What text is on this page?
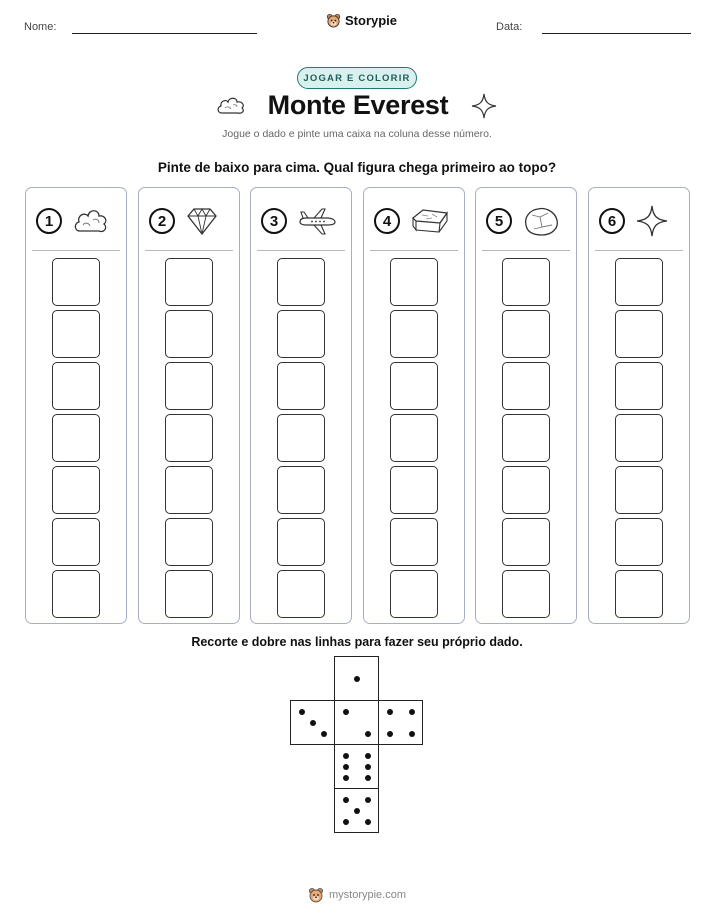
Nome:	Storypie	Data:
JOGAR E COLORIR
Monte Everest
Jogue o dado e pinte uma caixa na coluna desse número.
Pinte de baixo para cima. Qual figura chega primeiro ao topo?
1	2	3	4	5	6
Recorte e dobre nas linhas para fazer seu próprio dado.
mystorypie.com
